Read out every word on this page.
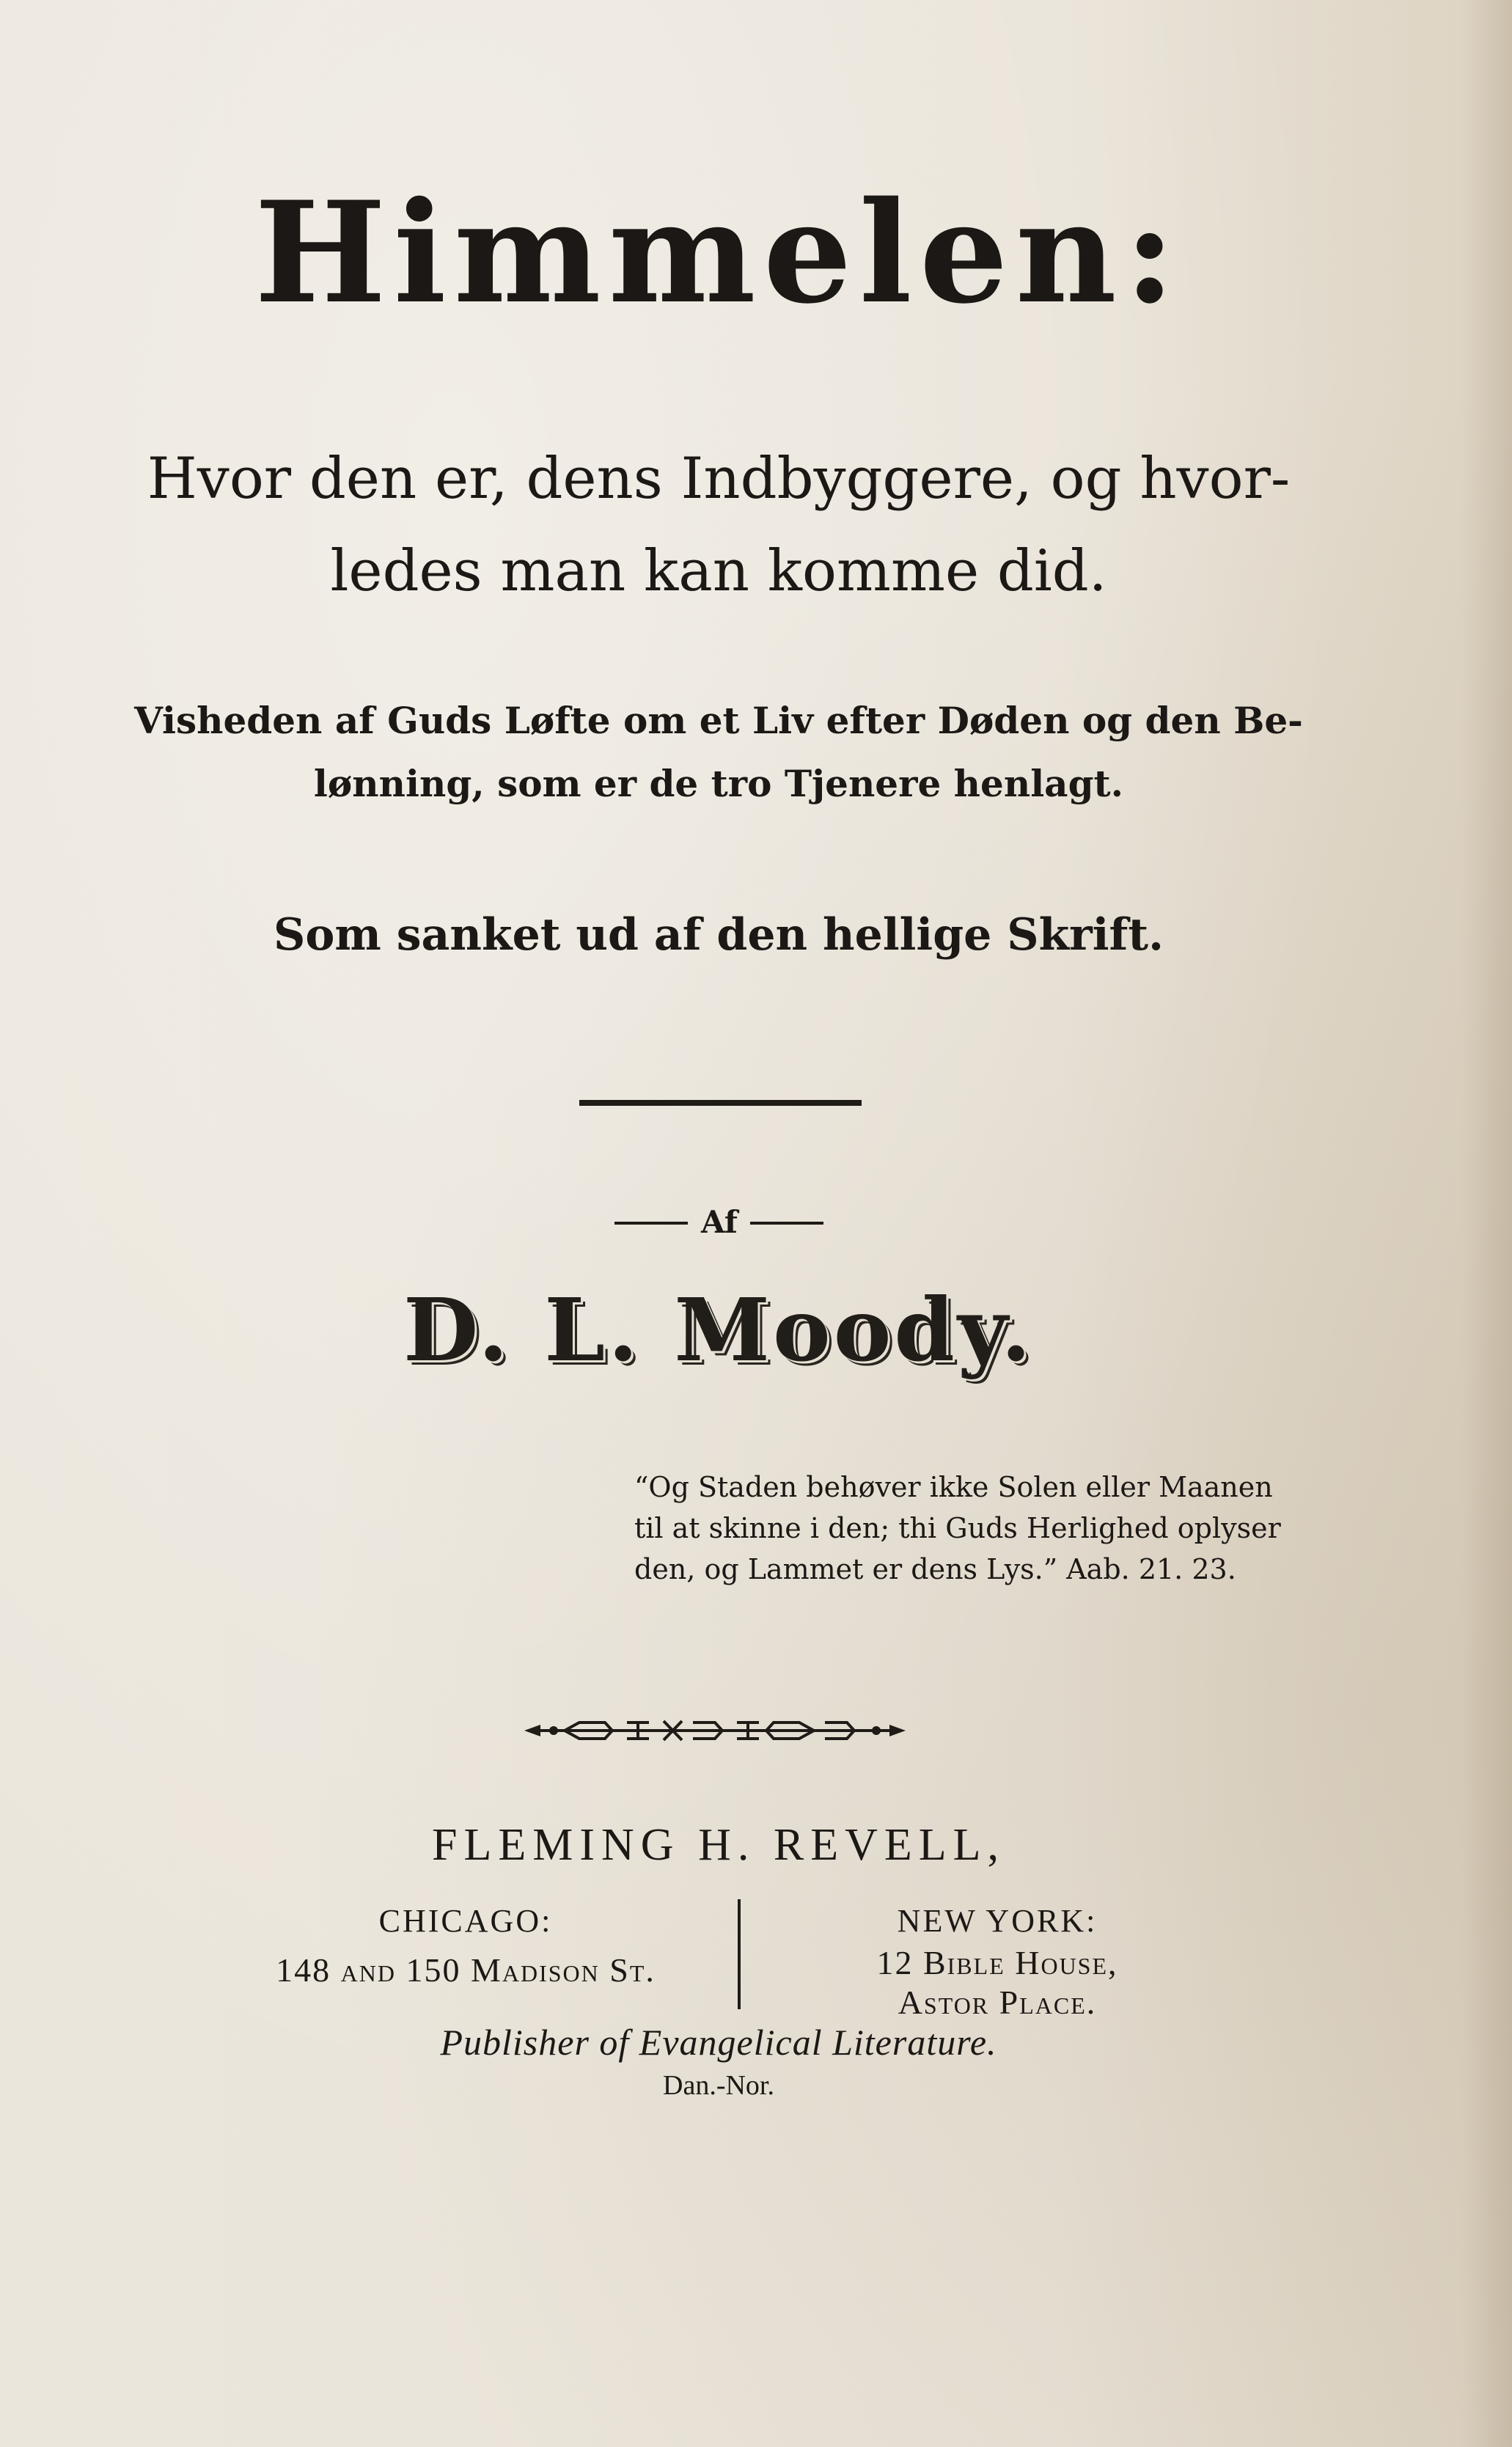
Himmelen:
Hvor den er, dens Indbyggere, og hvor-
ledes man kan komme did.
Visheden af Guds Løfte om et Liv efter Døden og den Be-
lønning, som er de tro Tjenere henlagt.
Som sanket ud af den hellige Skrift.
Af
D. L. Moody.
“Og Staden behøver ikke Solen eller Maanen
til at skinne i den; thi Guds Herlighed oplyser
den, og Lammet er dens Lys.” Aab. 21. 23.
FLEMING H. REVELL,
CHICAGO:
148 and 150 Madison St.
NEW YORK:
12 Bible House,
Astor Place.
Publisher of Evangelical Literature.
Dan.-Nor.
